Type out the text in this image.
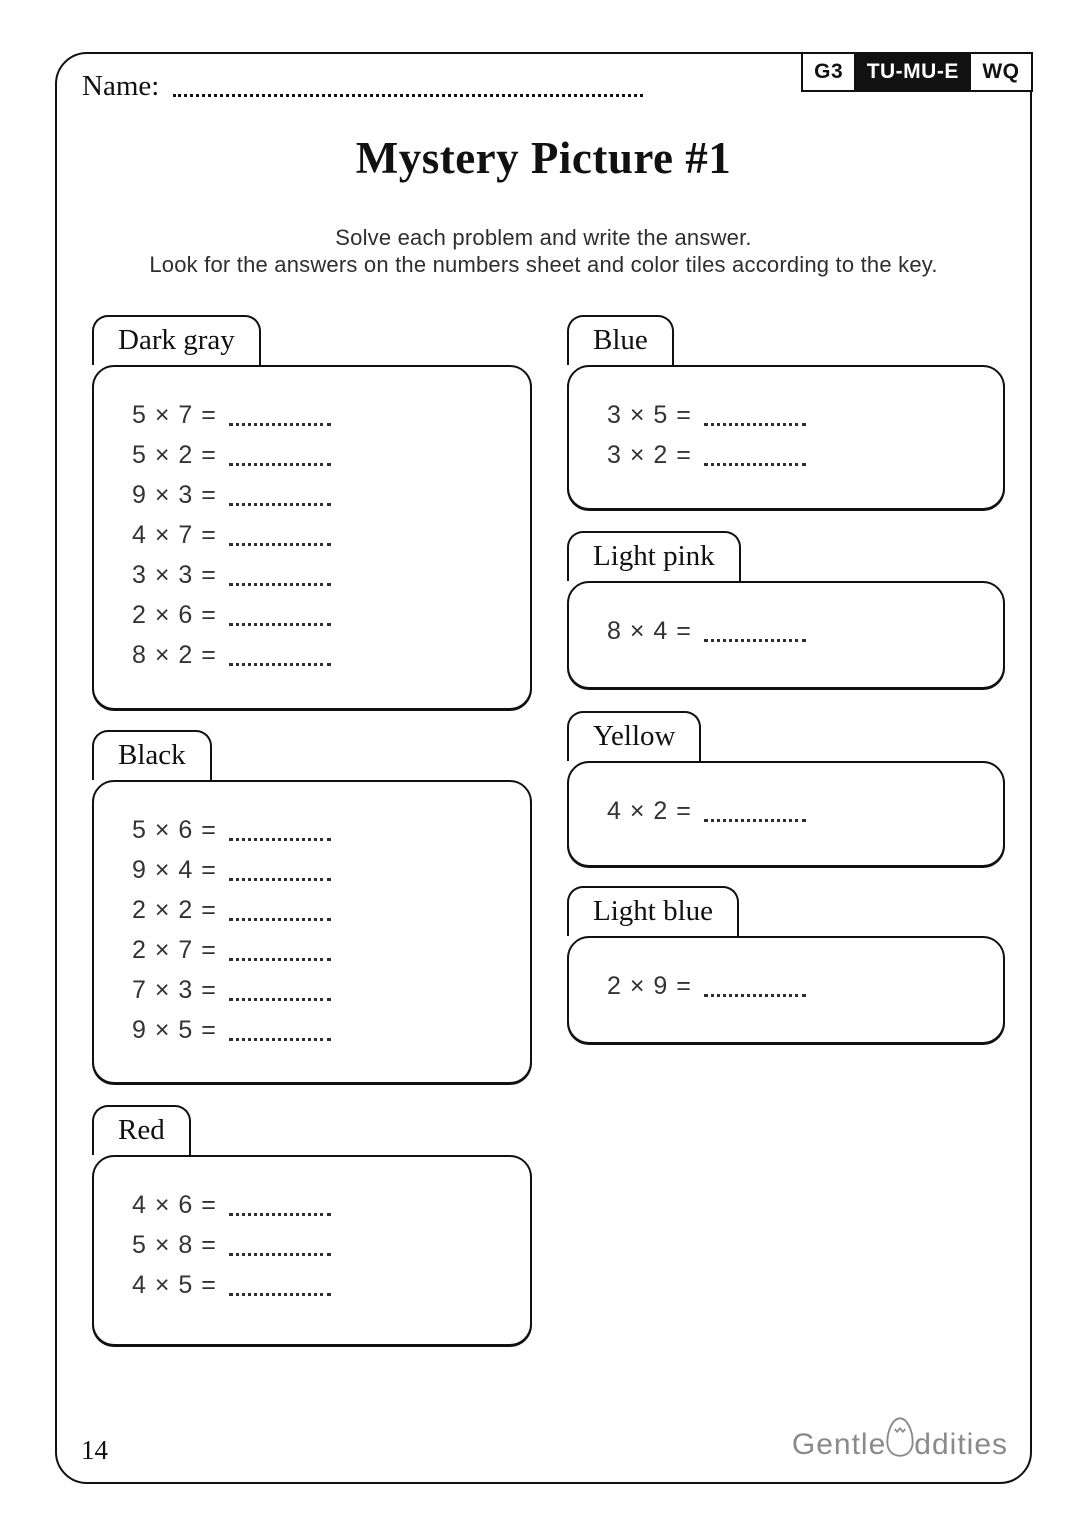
G3	TU-MU-E	WQ
Name:
Mystery Picture #1
Solve each problem and write the answer.
Look for the answers on the numbers sheet and color tiles according to the key.
Dark gray
5 × 7 =
5 × 2 =
9 × 3 =
4 × 7 =
3 × 3 =
2 × 6 =
8 × 2 =
Black
5 × 6 =
9 × 4 =
2 × 2 =
2 × 7 =
7 × 3 =
9 × 5 =
Red
4 × 6 =
5 × 8 =
4 × 5 =
Blue
3 × 5 =
3 × 2 =
Light pink
8 × 4 =
Yellow
4 × 2 =
Light blue
2 × 9 =
14	Gentle ddities
